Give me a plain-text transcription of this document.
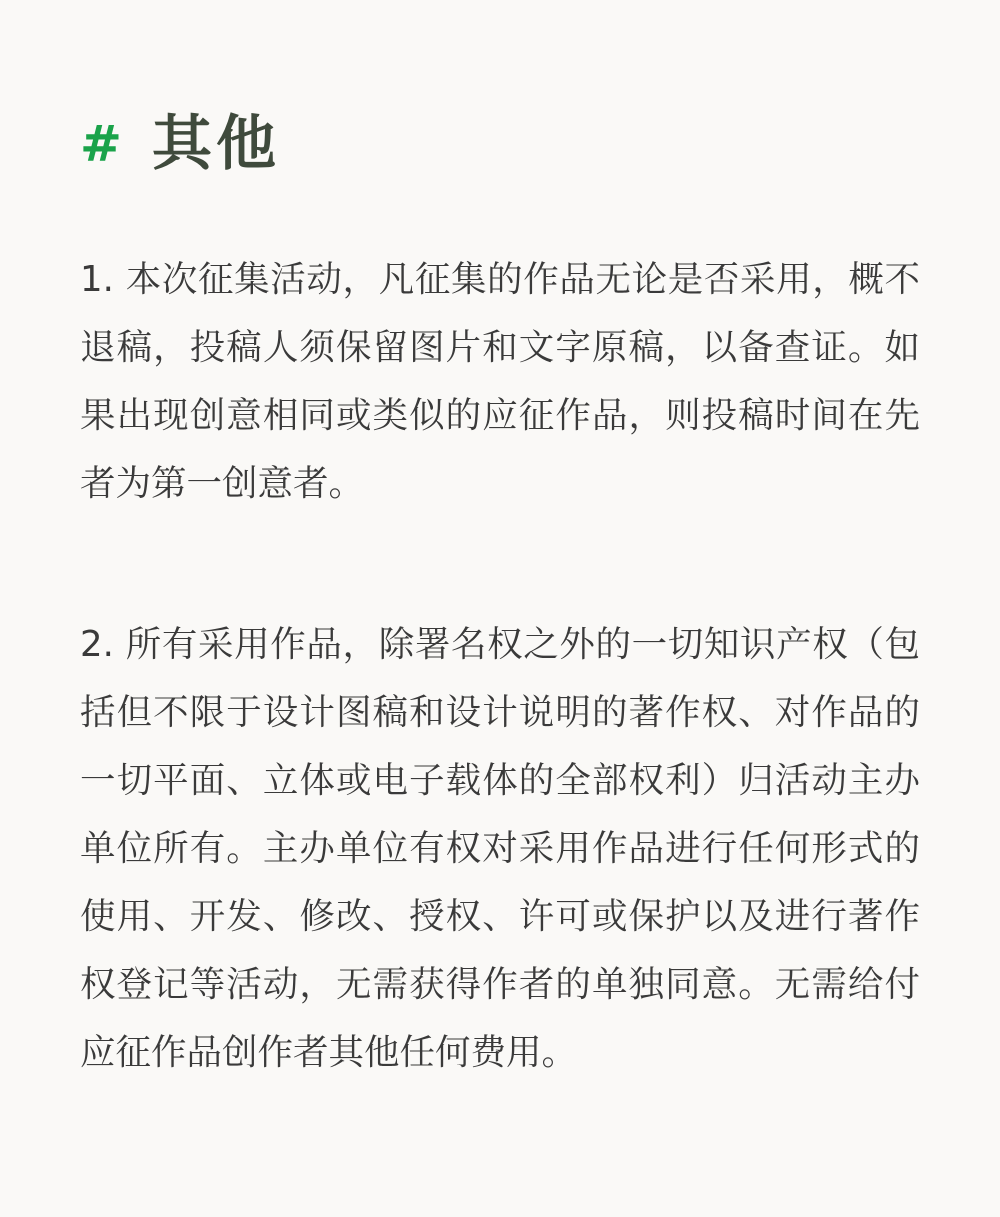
# 其他

1. 本次征集活动，凡征集的作品无论是否采用，概不退稿，投稿人须保留图片和文字原稿，以备查证。如果出现创意相同或类似的应征作品，则投稿时间在先者为第一创意者。

2. 所有采用作品，除署名权之外的一切知识产权（包括但不限于设计图稿和设计说明的著作权、对作品的一切平面、立体或电子载体的全部权利）归活动主办单位所有。主办单位有权对采用作品进行任何形式的使用、开发、修改、授权、许可或保护以及进行著作权登记等活动，无需获得作者的单独同意。无需给付应征作品创作者其他任何费用。
